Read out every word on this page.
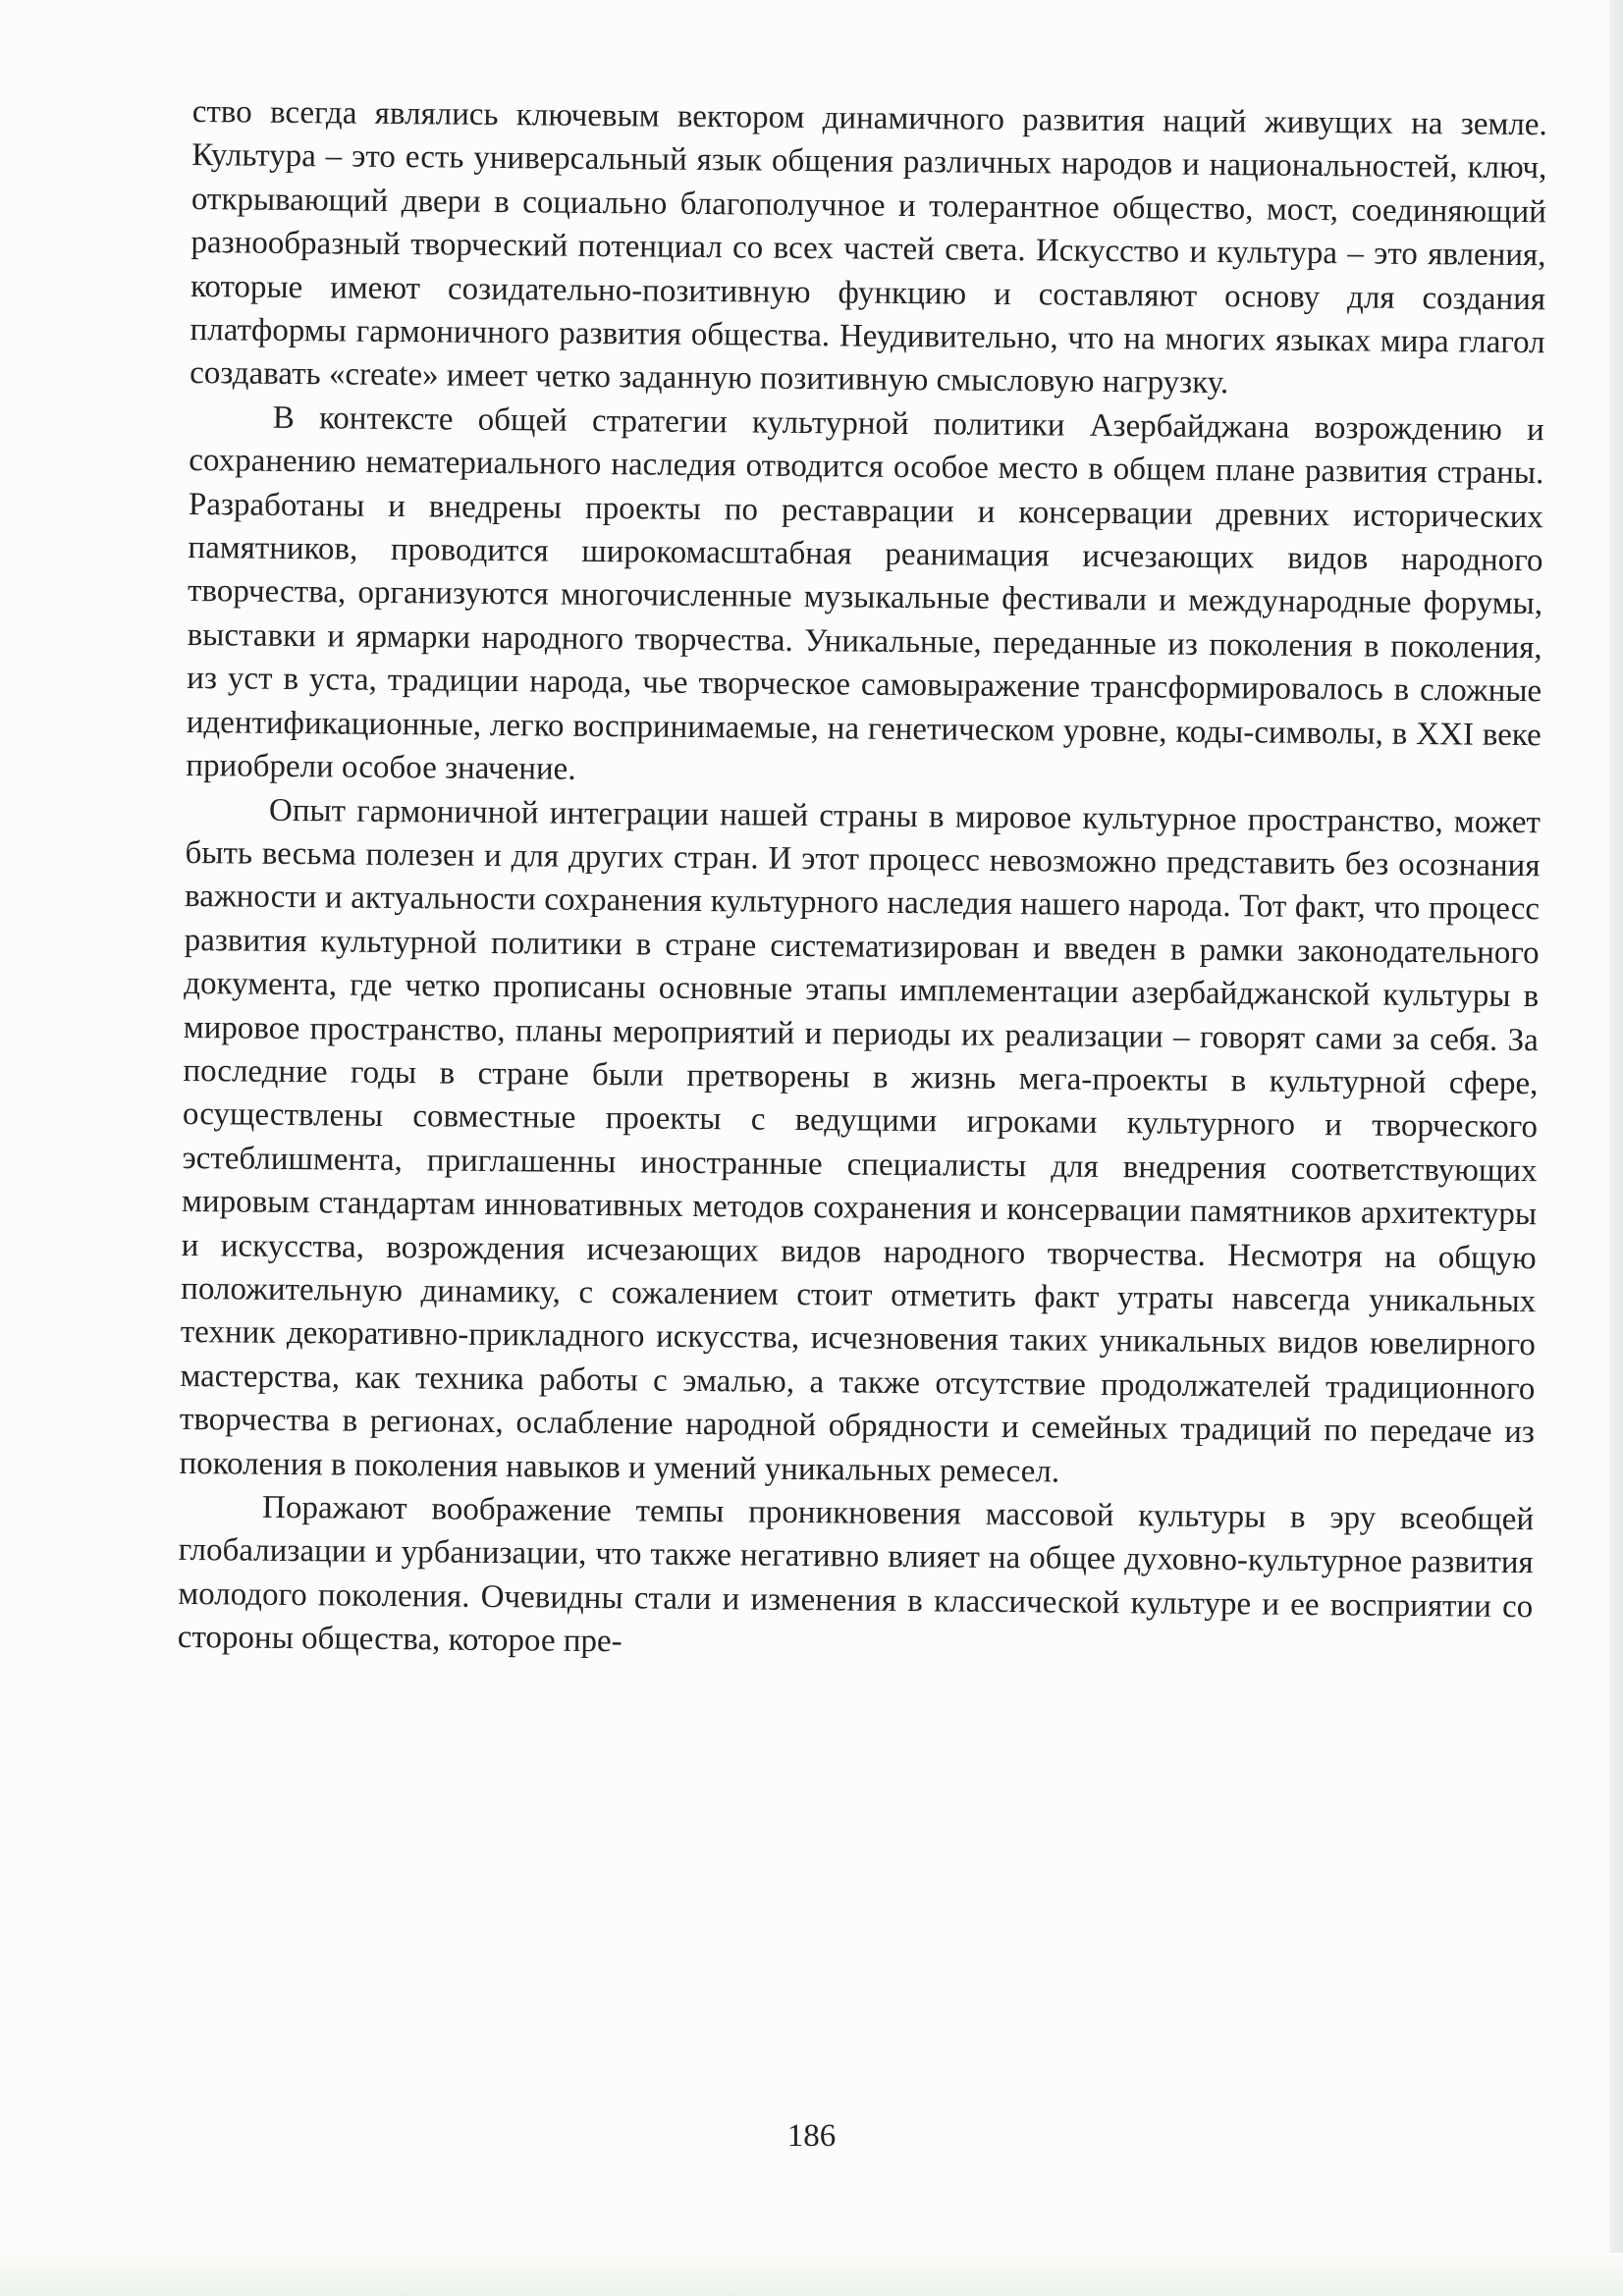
ство всегда являлись ключевым вектором динамичного развития наций живущих на земле. Культура – это есть универсальный язык общения различных народов и национальностей, ключ, открывающий двери в социально благополучное и толерантное общество, мост, соединяющий разнообразный творческий потенциал со всех частей света. Искусство и культура – это явления, которые имеют созидательно-позитивную функцию и составляют основу для создания платформы гармоничного развития общества. Неудивительно, что на многих языках мира глагол создавать «create» имеет четко заданную позитивную смысловую нагрузку.

В контексте общей стратегии культурной политики Азербайджана возрождению и сохранению нематериального наследия отводится особое место в общем плане развития страны. Разработаны и внедрены проекты по реставрации и консервации древних исторических памятников, проводится широкомасштабная реанимация исчезающих видов народного творчества, организуются многочисленные музыкальные фестивали и международные форумы, выставки и ярмарки народного творчества. Уникальные, переданные из поколения в поколения, из уст в уста, традиции народа, чье творческое самовыражение трансформировалось в сложные идентификационные, легко воспринимаемые, на генетическом уровне, коды-символы, в XXI веке приобрели особое значение.

Опыт гармоничной интеграции нашей страны в мировое культурное пространство, может быть весьма полезен и для других стран. И этот процесс невозможно представить без осознания важности и актуальности сохранения культурного наследия нашего народа. Тот факт, что процесс развития культурной политики в стране систематизирован и введен в рамки законодательного документа, где четко прописаны основные этапы имплементации азербайджанской культуры в мировое пространство, планы мероприятий и периоды их реализации – говорят сами за себя. За последние годы в стране были претворены в жизнь мега-проекты в культурной сфере, осуществлены совместные проекты с ведущими игроками культурного и творческого эстеблишмента, приглашенны иностранные специалисты для внедрения соответствующих мировым стандартам инновативных методов сохранения и консервации памятников архитектуры и искусства, возрождения исчезающих видов народного творчества. Несмотря на общую положительную динамику, с сожалением стоит отметить факт утраты навсегда уникальных техник декоративно-прикладного искусства, исчезновения таких уникальных видов ювелирного мастерства, как техника работы с эмалью, а также отсутствие продолжателей традиционного творчества в регионах, ослабление народной обрядности и семейных традиций по передаче из поколения в поколения навыков и умений уникальных ремесел.

Поражают воображение темпы проникновения массовой культуры в эру всеобщей глобализации и урбанизации, что также негативно влияет на общее духовно-культурное развития молодого поколения. Очевидны стали и изменения в классической культуре и ее восприятии со стороны общества, которое пре-

186
